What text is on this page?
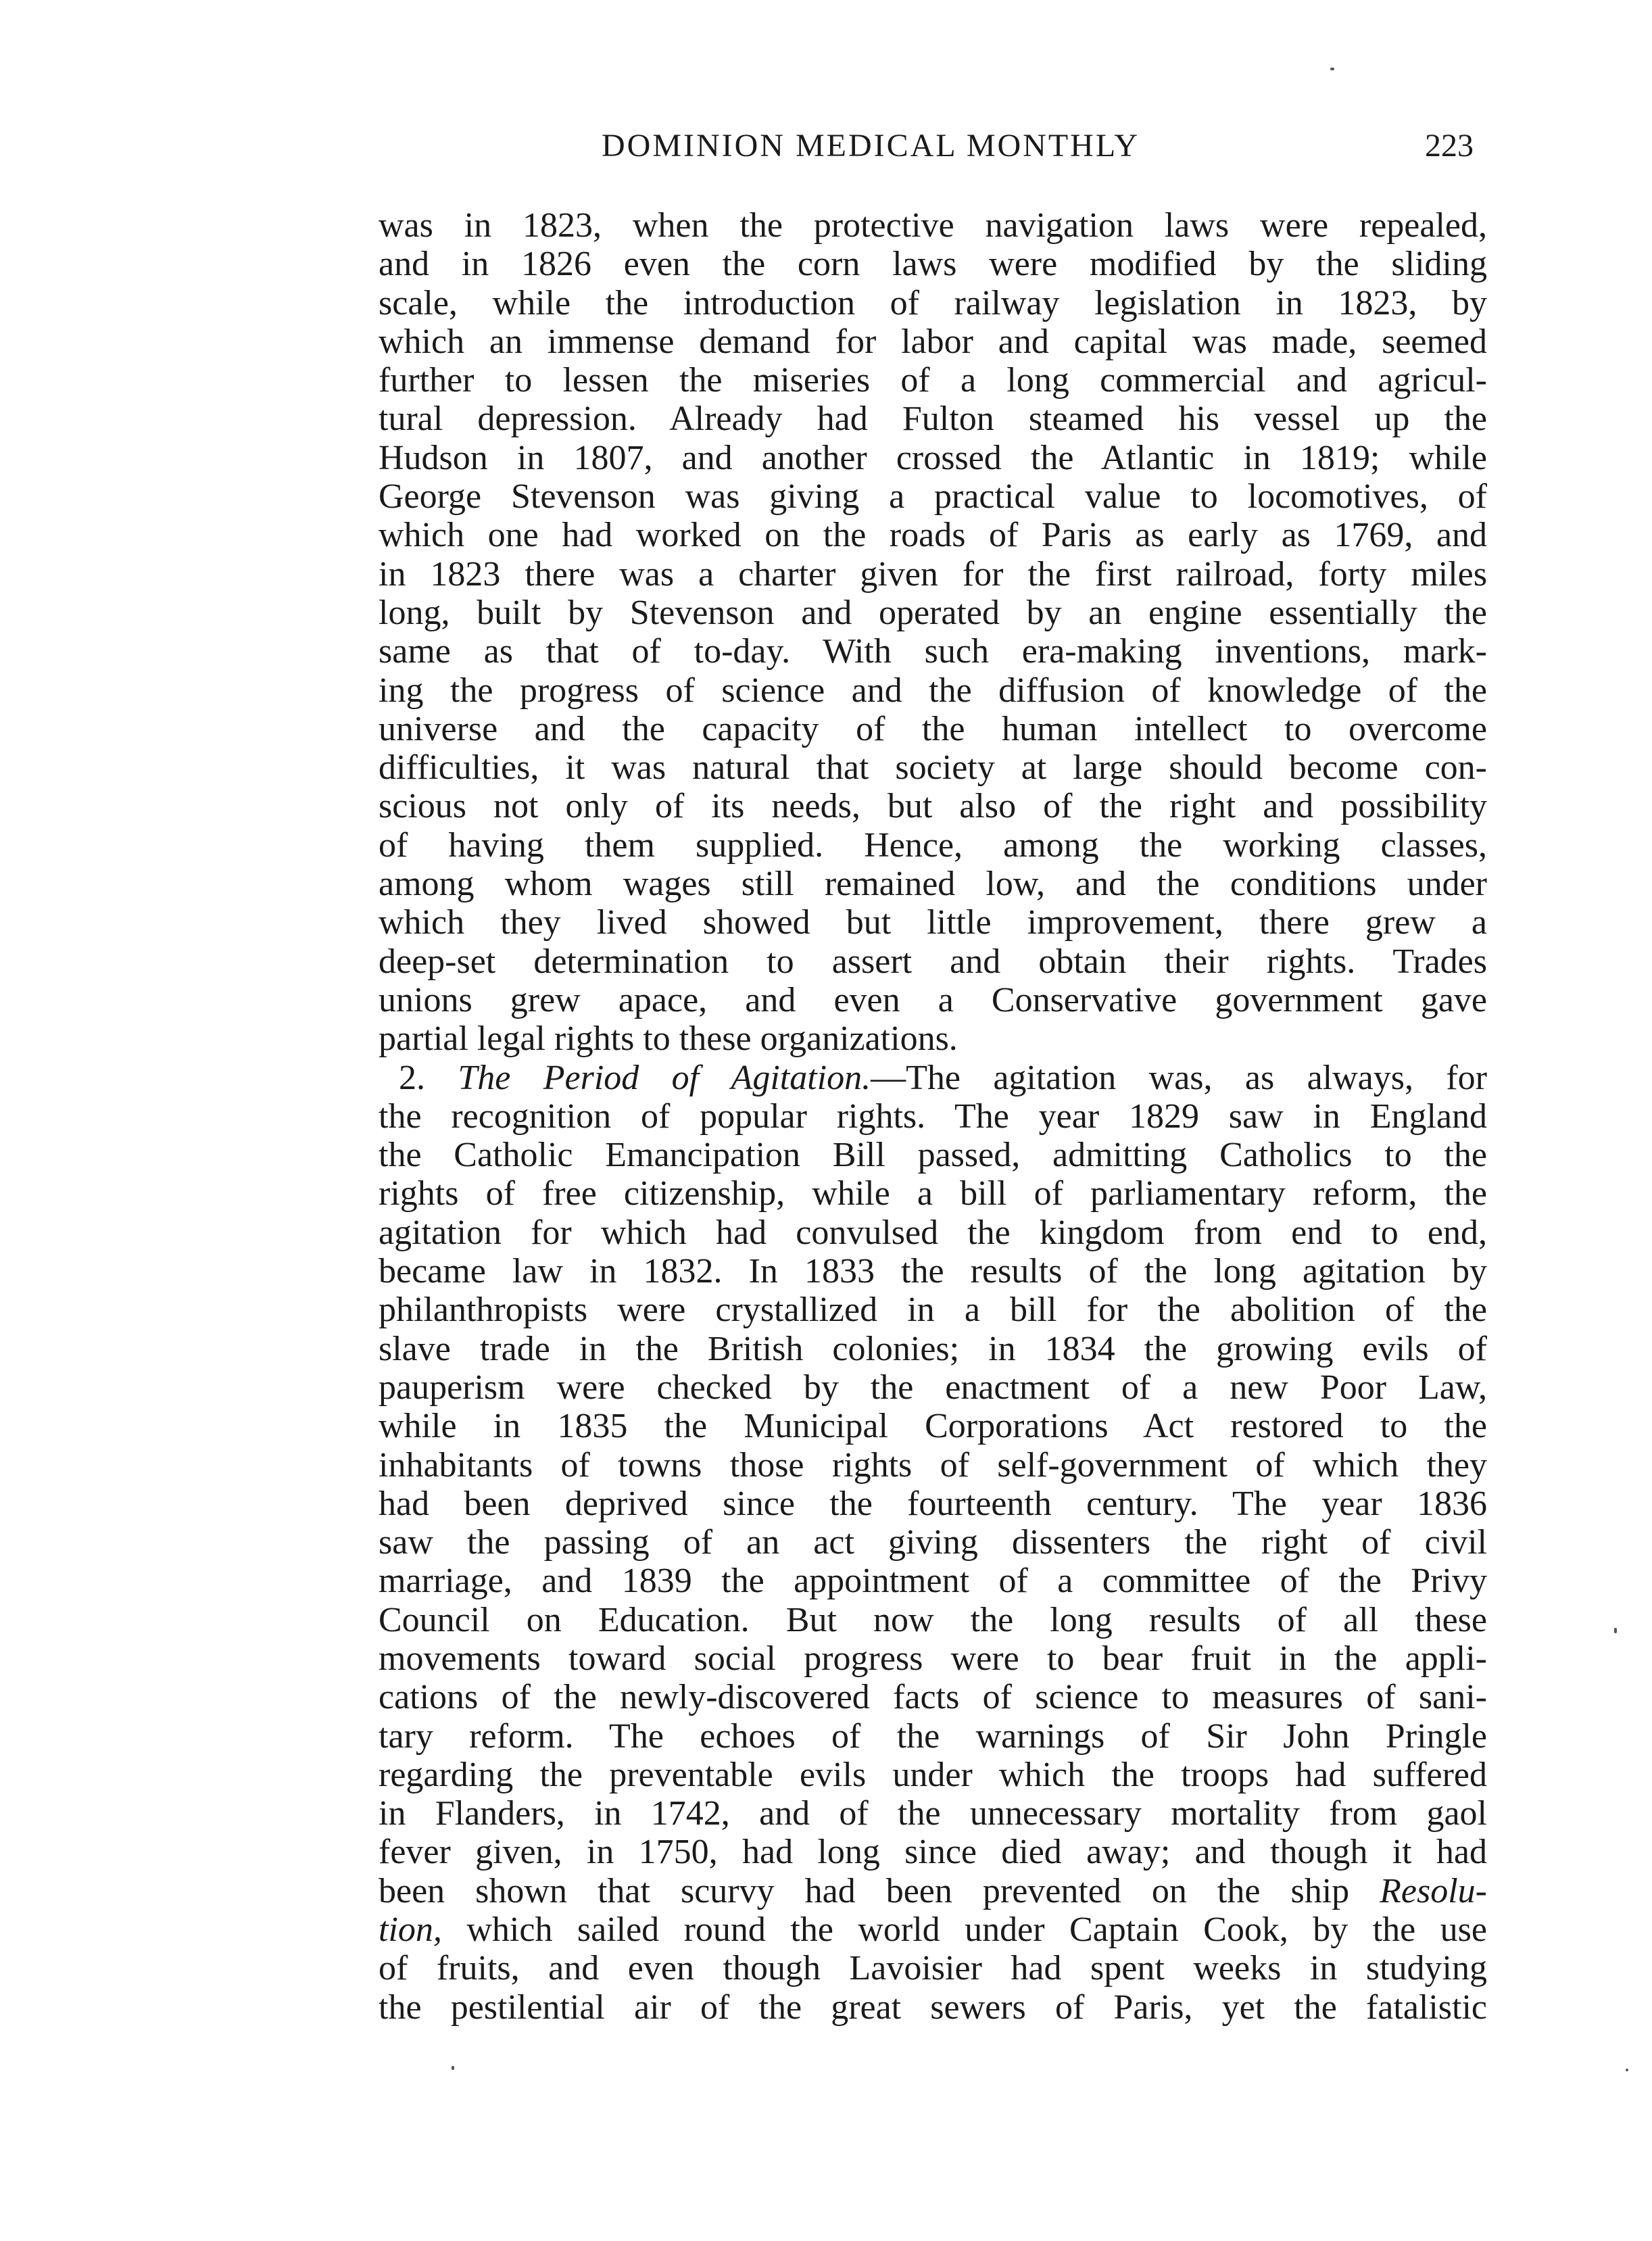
DOMINION MEDICAL MONTHLY	223
was in 1823, when the protective navigation laws were repealed,
and in 1826 even the corn laws were modified by the sliding
scale, while the introduction of railway legislation in 1823, by
which an immense demand for labor and capital was made, seemed
further to lessen the miseries of a long commercial and agricul-
tural depression. Already had Fulton steamed his vessel up the
Hudson in 1807, and another crossed the Atlantic in 1819; while
George Stevenson was giving a practical value to locomotives, of
which one had worked on the roads of Paris as early as 1769, and
in 1823 there was a charter given for the first railroad, forty miles
long, built by Stevenson and operated by an engine essentially the
same as that of to-day. With such era-making inventions, mark-
ing the progress of science and the diffusion of knowledge of the
universe and the capacity of the human intellect to overcome
difficulties, it was natural that society at large should become con-
scious not only of its needs, but also of the right and possibility
of having them supplied. Hence, among the working classes,
among whom wages still remained low, and the conditions under
which they lived showed but little improvement, there grew a
deep-set determination to assert and obtain their rights. Trades
unions grew apace, and even a Conservative government gave
partial legal rights to these organizations.
2. The Period of Agitation.—The agitation was, as always, for
the recognition of popular rights. The year 1829 saw in England
the Catholic Emancipation Bill passed, admitting Catholics to the
rights of free citizenship, while a bill of parliamentary reform, the
agitation for which had convulsed the kingdom from end to end,
became law in 1832. In 1833 the results of the long agitation by
philanthropists were crystallized in a bill for the abolition of the
slave trade in the British colonies; in 1834 the growing evils of
pauperism were checked by the enactment of a new Poor Law,
while in 1835 the Municipal Corporations Act restored to the
inhabitants of towns those rights of self-government of which they
had been deprived since the fourteenth century. The year 1836
saw the passing of an act giving dissenters the right of civil
marriage, and 1839 the appointment of a committee of the Privy
Council on Education. But now the long results of all these
movements toward social progress were to bear fruit in the appli-
cations of the newly-discovered facts of science to measures of sani-
tary reform. The echoes of the warnings of Sir John Pringle
regarding the preventable evils under which the troops had suffered
in Flanders, in 1742, and of the unnecessary mortality from gaol
fever given, in 1750, had long since died away; and though it had
been shown that scurvy had been prevented on the ship Resolu-
tion, which sailed round the world under Captain Cook, by the use
of fruits, and even though Lavoisier had spent weeks in studying
the pestilential air of the great sewers of Paris, yet the fatalistic
